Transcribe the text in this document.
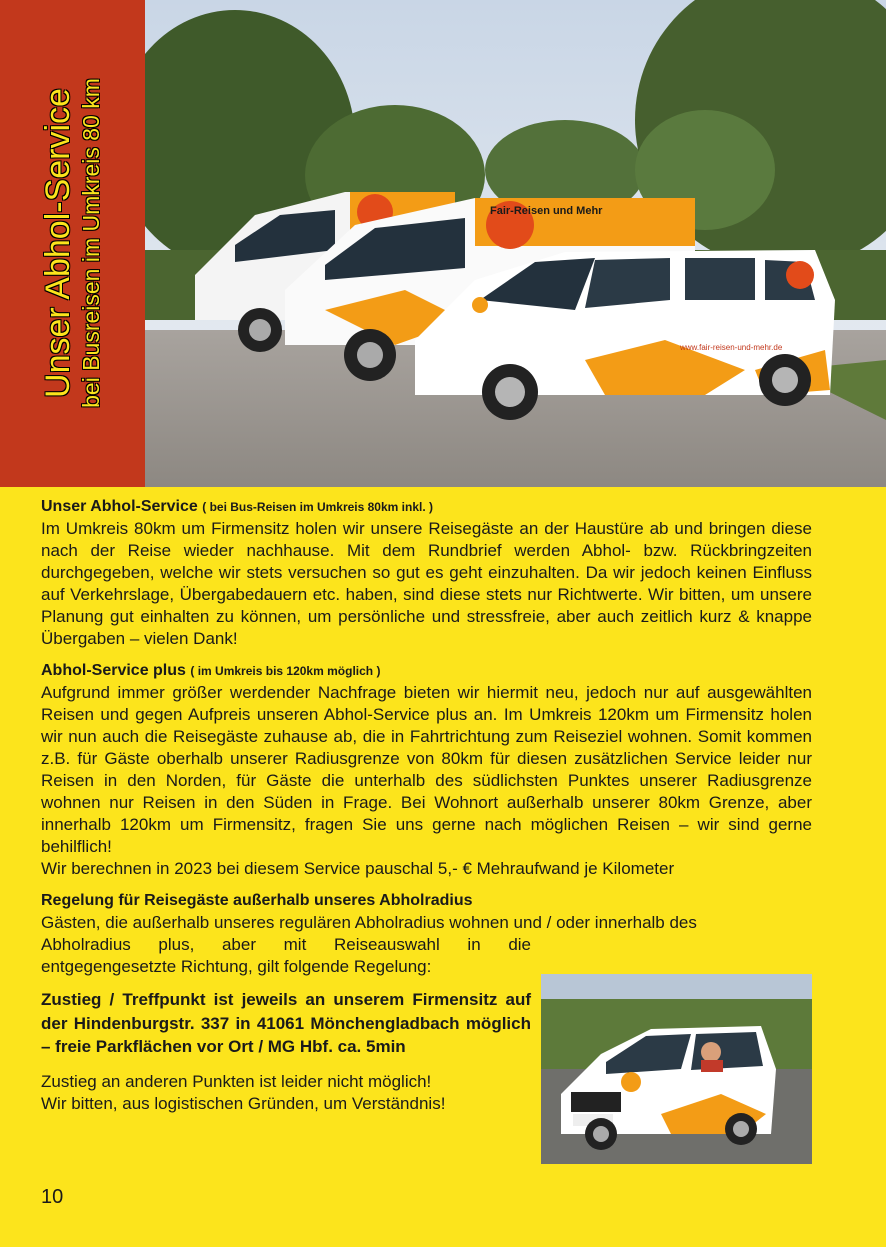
Unser Abhol-Service bei Busreisen im Umkreis 80 km	www.fair-reisen-und-mehr.de
Fair-Reisen und Mehr
Unser Abhol-Service ( bei Bus-Reisen im Umkreis 80km inkl. )

Im Umkreis 80km um Firmensitz holen wir unsere Reisegäste an der Haustüre ab und bringen diese nach der Reise wieder nachhause. Mit dem Rundbrief werden Abhol- bzw. Rückbringzeiten durchgegeben, welche wir stets versuchen so gut es geht einzuhalten. Da wir jedoch keinen Einfluss auf Verkehrslage, Übergabedauern etc. haben, sind diese stets nur Richtwerte. Wir bitten, um unsere Planung gut einhalten zu können, um persönliche und stressfreie, aber auch zeitlich kurz & knappe Übergaben – vielen Dank!

Abhol-Service plus ( im Umkreis bis 120km möglich )

Aufgrund immer größer werdender Nachfrage bieten wir hiermit neu, jedoch nur auf ausgewählten Reisen und gegen Aufpreis unseren Abhol-Service plus an. Im Umkreis 120km um Firmensitz holen wir nun auch die Reisegäste zuhause ab, die in Fahrtrichtung zum Reiseziel wohnen. Somit kommen z.B. für Gäste oberhalb unserer Radiusgrenze von 80km für diesen zusätzlichen Service leider nur Reisen in den Norden, für Gäste die unterhalb des südlichsten Punktes unserer Radiusgrenze wohnen nur Reisen in den Süden in Frage. Bei Wohnort außerhalb unserer 80km Grenze, aber innerhalb 120km um Firmensitz, fragen Sie uns gerne nach möglichen Reisen – wir sind gerne behilflich!

Wir berechnen in 2023 bei diesem Service pauschal 5,- € Mehraufwand je Kilometer

Regelung für Reisegäste außerhalb unseres Abholradius

Gästen, die außerhalb unseres regulären Abholradius wohnen und / oder innerhalb des

Abholradius plus, aber mit Reiseauswahl in die entgegengesetzte Richtung, gilt folgende Regelung:

Zustieg / Treffpunkt ist jeweils an unserem Firmensitz auf der Hindenburgstr. 337 in 41061 Mönchengladbach möglich – freie Parkflächen vor Ort / MG Hbf. ca. 5min

Zustieg an anderen Punkten ist leider nicht möglich!

Wir bitten, aus logistischen Gründen, um Verständnis!

10
